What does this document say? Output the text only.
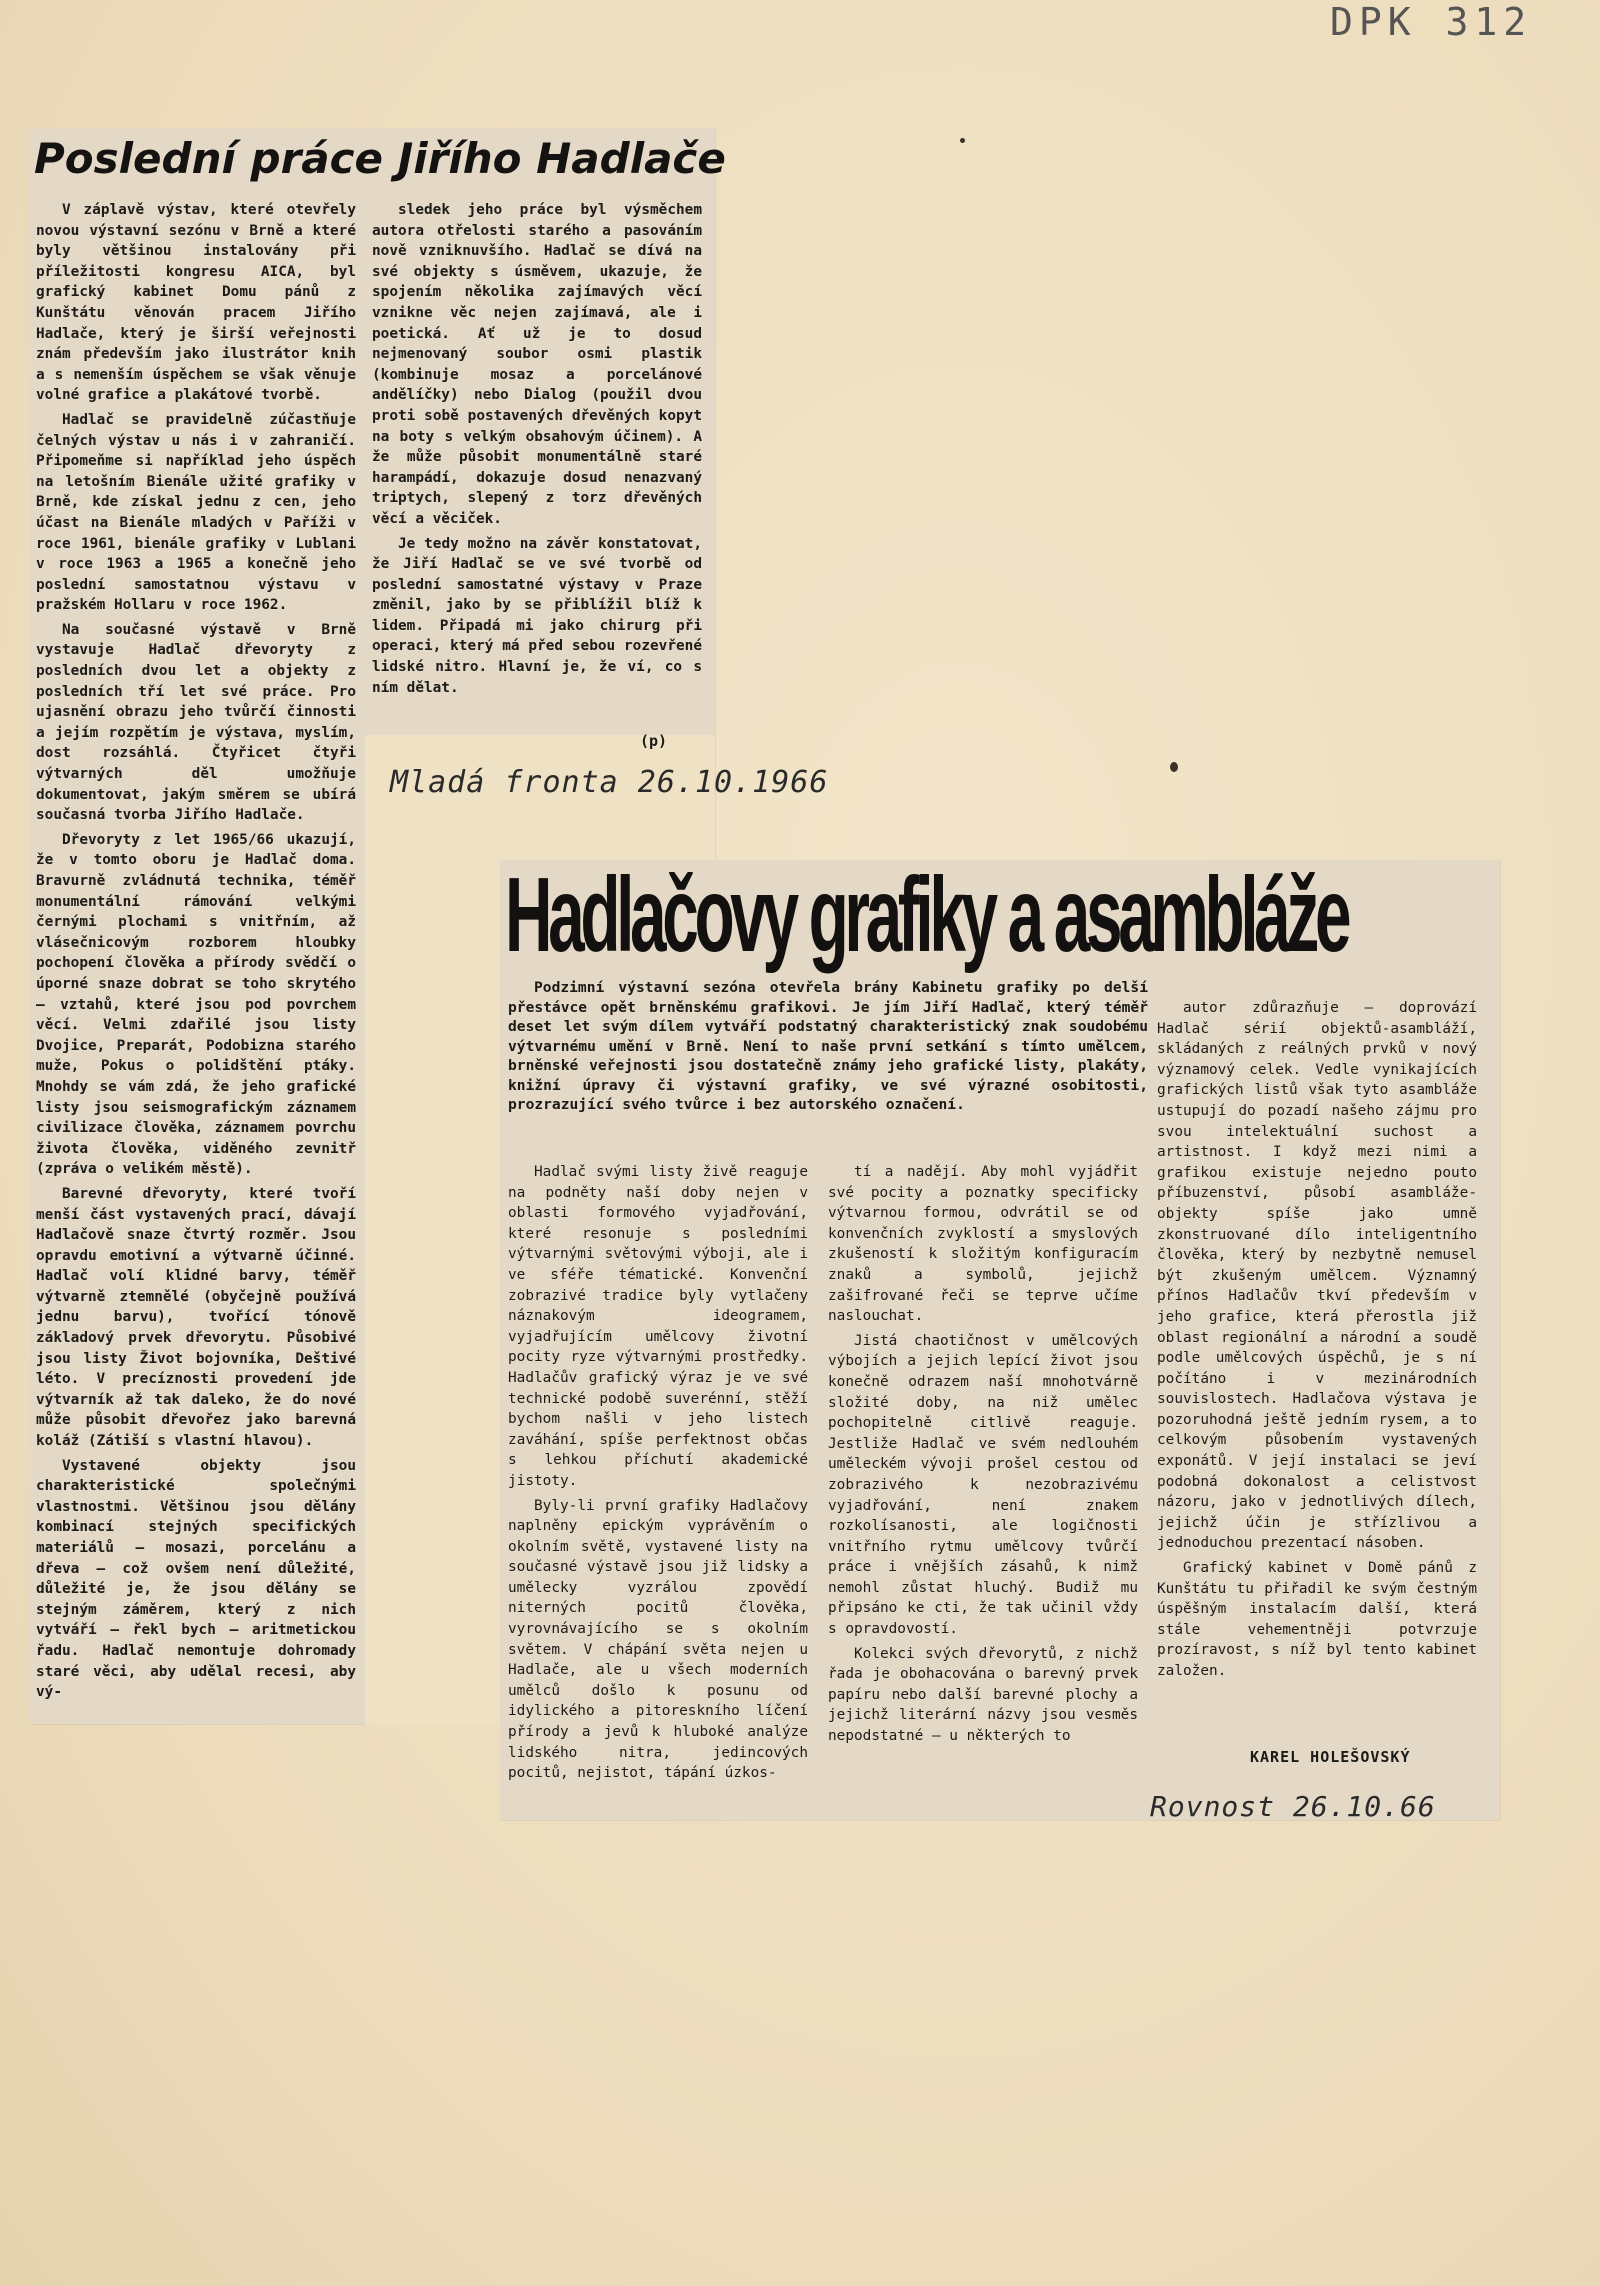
DPK 312
Poslední práce Jiřího Hadlače

V záplavě výstav, které otevřely novou výstavní sezónu v Brně a které byly většinou instalovány při příležitosti kongresu AICA, byl grafický kabinet Domu pánů z Kunštátu věnován pracem Jiřího Hadlače, který je širší veřejnosti znám především jako ilustrátor knih a s nemenším úspěchem se však věnuje volné grafice a plakátové tvorbě.

Hadlač se pravidelně zúčastňuje čelných výstav u nás i v zahraničí. Připomeňme si například jeho úspěch na letošním Bienále užité grafiky v Brně, kde získal jednu z cen, jeho účast na Bienále mladých v Paříži v roce 1961, bienále grafiky v Lublani v roce 1963 a 1965 a konečně jeho poslední samostatnou výstavu v pražském Hollaru v roce 1962.

Na současné výstavě v Brně vystavuje Hadlač dřevoryty z posledních dvou let a objekty z posledních tří let své práce. Pro ujasnění obrazu jeho tvůrčí činnosti a jejím rozpětím je výstava, myslím, dost rozsáhlá. Čtyřicet čtyři výtvarných děl umožňuje dokumentovat, jakým směrem se ubírá současná tvorba Jiřího Hadlače.

Dřevoryty z let 1965/66 ukazují, že v tomto oboru je Hadlač doma. Bravurně zvládnutá technika, téměř monumentální rámování velkými černými plochami s vnitřním, až vlásečnicovým rozborem hloubky pochopení člověka a přírody svědčí o úporné snaze dobrat se toho skrytého — vztahů, které jsou pod povrchem věcí. Velmi zdařilé jsou listy Dvojice, Preparát, Podobizna starého muže, Pokus o polidštění ptáky. Mnohdy se vám zdá, že jeho grafické listy jsou seismografickým záznamem civilizace člověka, záznamem povrchu života člověka, viděného zevnitř (zpráva o velikém městě).

Barevné dřevoryty, které tvoří menší část vystavených prací, dávají Hadlačově snaze čtvrtý rozměr. Jsou opravdu emotivní a výtvarně účinné. Hadlač volí klidné barvy, téměř výtvarně ztemnělé (obyčejně používá jednu barvu), tvořící tónově základový prvek dřevorytu. Působivé jsou listy Život bojovníka, Deštivé léto. V precíznosti provedení jde výtvarník až tak daleko, že do nové může působit dřevořez jako barevná koláž (Zátiší s vlastní hlavou).

Vystavené objekty jsou charakteristické společnými vlastnostmi. Většinou jsou dělány kombinací stejných specifických materiálů — mosazi, porcelánu a dřeva — což ovšem není důležité, důležité je, že jsou dělány se stejným záměrem, který z nich vytváří — řekl bych — aritmetickou řadu. Hadlač nemontuje dohromady staré věci, aby udělal recesi, aby vý-

sledek jeho práce byl výsměchem autora otřelosti starého a pasováním nově vzniknuvšího. Hadlač se dívá na své objekty s úsměvem, ukazuje, že spojením několika zajímavých věcí vznikne věc nejen zajímavá, ale i poetická. Ať už je to dosud nejmenovaný soubor osmi plastik (kombinuje mosaz a porcelánové andělíčky) nebo Dialog (použil dvou proti sobě postavených dřevěných kopyt na boty s velkým obsahovým účinem). A že může působit monumentálně staré harampádí, dokazuje dosud nenazvaný triptych, slepený z torz dřevěných věcí a věciček.

Je tedy možno na závěr konstatovat, že Jiří Hadlač se ve své tvorbě od poslední samostatné výstavy v Praze změnil, jako by se přiblížil blíž k lidem. Připadá mi jako chirurg při operaci, který má před sebou rozevřené lidské nitro. Hlavní je, že ví, co s ním dělat.

(p)
Mladá fronta 26.10.1966
Hadlačovy grafiky a asambláže

Podzimní výstavní sezóna otevřela brány Kabinetu grafiky po delší přestávce opět brněnskému grafikovi. Je jím Jiří Hadlač, který téměř deset let svým dílem vytváří podstatný charakteristický znak soudobému výtvarnému umění v Brně. Není to naše první setkání s tímto umělcem, brněnské veřejnosti jsou dostatečně známy jeho grafické listy, plakáty, knižní úpravy či výstavní grafiky, ve své výrazné osobitosti, prozrazující svého tvůrce i bez autorského označení.

Hadlač svými listy živě reaguje na podněty naší doby nejen v oblasti formového vyjadřování, které resonuje s posledními výtvarnými světovými výboji, ale i ve sféře tématické. Konvenční zobrazivé tradice byly vytlačeny náznakovým ideogramem, vyjadřujícím umělcovy životní pocity ryze výtvarnými prostředky. Hadlačův grafický výraz je ve své technické podobě suverénní, stěží bychom našli v jeho listech zaváhání, spíše perfektnost občas s lehkou příchutí akademické jistoty.

Byly-li první grafiky Hadlačovy naplněny epickým vyprávěním o okolním světě, vystavené listy na současné výstavě jsou již lidsky a umělecky vyzrálou zpovědí niterných pocitů člověka, vyrovnávajícího se s okolním světem. V chápání světa nejen u Hadlače, ale u všech moderních umělců došlo k posunu od idylického a pitoreskního líčení přírody a jevů k hluboké analýze lidského nitra, jedincových pocitů, nejistot, tápání úzkos-

tí a nadějí. Aby mohl vyjádřit své pocity a poznatky specificky výtvarnou formou, odvrátil se od konvenčních zvyklostí a smyslových zkušeností k složitým konfiguracím znaků a symbolů, jejichž zašifrované řeči se teprve učíme naslouchat.

Jistá chaotičnost v umělcových výbojích a jejich lepící život jsou konečně odrazem naší mnohotvárně složité doby, na niž umělec pochopitelně citlivě reaguje. Jestliže Hadlač ve svém nedlouhém uměleckém vývoji prošel cestou od zobrazivého k nezobrazivému vyjadřování, není znakem rozkolísanosti, ale logičnosti vnitřního rytmu umělcovy tvůrčí práce i vnějších zásahů, k nimž nemohl zůstat hluchý. Budiž mu připsáno ke cti, že tak učinil vždy s opravdovostí.

Kolekci svých dřevorytů, z nichž řada je obohacována o barevný prvek papíru nebo další barevné plochy a jejichž literární názvy jsou vesměs nepodstatné — u některých to

autor zdůrazňuje — doprovází Hadlač sérií objektů-asambláží, skládaných z reálných prvků v nový významový celek. Vedle vynikajících grafických listů však tyto asambláže ustupují do pozadí našeho zájmu pro svou intelektuální suchost a artistnost. I když mezi nimi a grafikou existuje nejedno pouto příbuzenství, působí asambláže-objekty spíše jako umně zkonstruované dílo inteligentního člověka, který by nezbytně nemusel být zkušeným umělcem. Významný přínos Hadlačův tkví především v jeho grafice, která přerostla již oblast regionální a národní a soudě podle umělcových úspěchů, je s ní počítáno i v mezinárodních souvislostech. Hadlačova výstava je pozoruhodná ještě jedním rysem, a to celkovým působením vystavených exponátů. V její instalaci se jeví podobná dokonalost a celistvost názoru, jako v jednotlivých dílech, jejichž účin je střízlivou a jednoduchou prezentací násoben.

Grafický kabinet v Domě pánů z Kunštátu tu přiřadil ke svým čestným úspěšným instalacím další, která stále vehementněji potvrzuje prozíravost, s níž byl tento kabinet založen.

KAREL HOLEŠOVSKÝ
Rovnost 26.10.66
